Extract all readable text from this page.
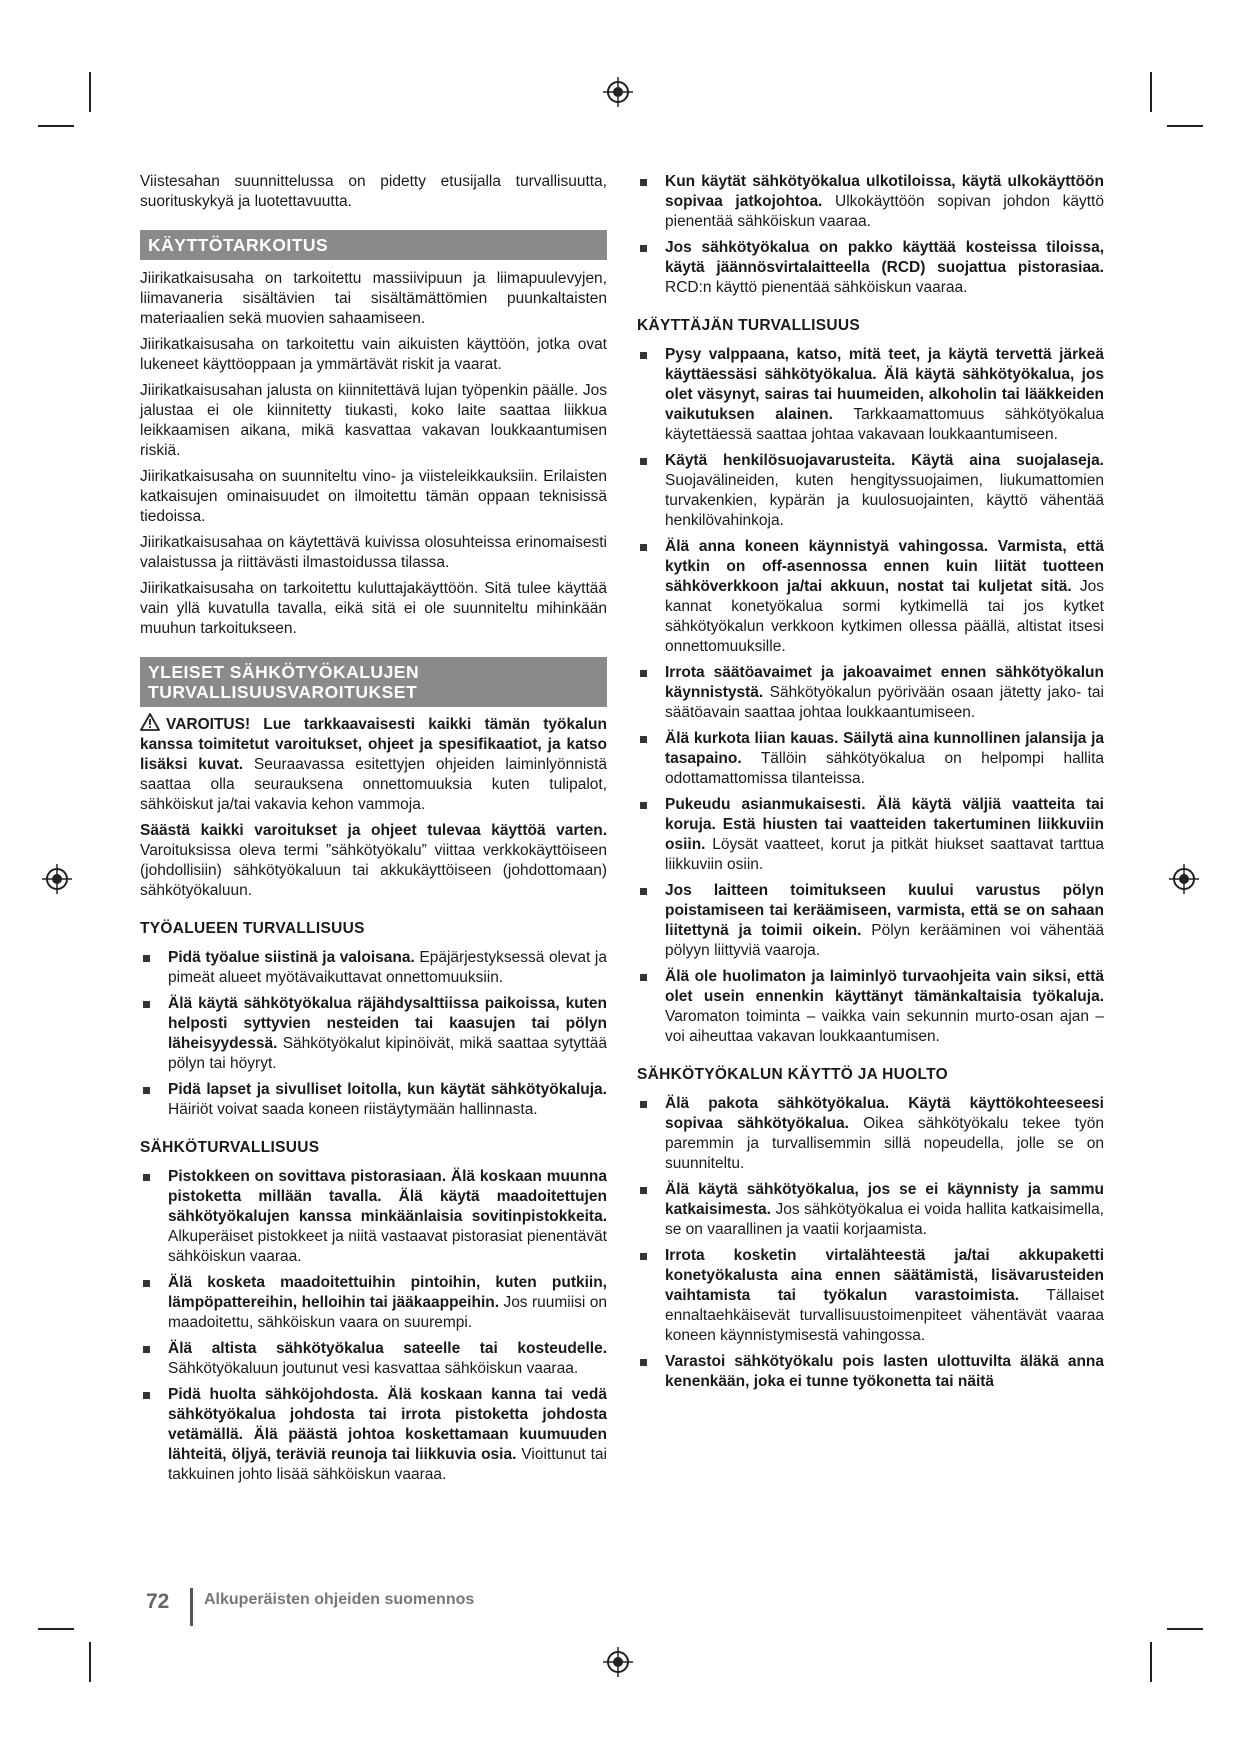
Viistesahan suunnittelussa on pidetty etusijalla turvallisuutta, suorituskykyä ja luotettavuutta.

KÄYTTÖTARKOITUS

Jiirikatkaisusaha on tarkoitettu massiivipuun ja liimapuulevyjen, liimavaneria sisältävien tai sisältämättömien puunkaltaisten materiaalien sekä muovien sahaamiseen.

Jiirikatkaisusaha on tarkoitettu vain aikuisten käyttöön, jotka ovat lukeneet käyttöoppaan ja ymmärtävät riskit ja vaarat.

Jiirikatkaisusahan jalusta on kiinnitettävä lujan työpenkin päälle. Jos jalustaa ei ole kiinnitetty tiukasti, koko laite saattaa liikkua leikkaamisen aikana, mikä kasvattaa vakavan loukkaantumisen riskiä.

Jiirikatkaisusaha on suunniteltu vino- ja viisteleikkauksiin. Erilaisten katkaisujen ominaisuudet on ilmoitettu tämän oppaan teknisissä tiedoissa.

Jiirikatkaisusahaa on käytettävä kuivissa olosuhteissa erinomaisesti valaistussa ja riittävästi ilmastoidussa tilassa.

Jiirikatkaisusaha on tarkoitettu kuluttajakäyttöön. Sitä tulee käyttää vain yllä kuvatulla tavalla, eikä sitä ei ole suunniteltu mihinkään muuhun tarkoitukseen.

YLEISET SÄHKÖTYÖKALUJEN
TURVALLISUUSVAROITUKSET

VAROITUS! Lue tarkkaavaisesti kaikki tämän työkalun kanssa toimitetut varoitukset, ohjeet ja spesifikaatiot, ja katso lisäksi kuvat. Seuraavassa esitettyjen ohjeiden laiminlyönnistä saattaa olla seurauksena onnettomuuksia kuten tulipalot, sähköiskut ja/tai vakavia kehon vammoja.

Säästä kaikki varoitukset ja ohjeet tulevaa käyttöä varten. Varoituksissa oleva termi ”sähkötyökalu” viittaa verkkokäyttöiseen (johdollisiin) sähkötyökaluun tai akkukäyttöiseen (johdottomaan) sähkötyökaluun.

TYÖALUEEN TURVALLISUUS
Pidä työalue siistinä ja valoisana. Epäjärjestyksessä olevat ja pimeät alueet myötävaikuttavat onnettomuuksiin.
Älä käytä sähkötyökalua räjähdysalttiissa paikoissa, kuten helposti syttyvien nesteiden tai kaasujen tai pölyn läheisyydessä. Sähkötyökalut kipinöivät, mikä saattaa sytyttää pölyn tai höyryt.
Pidä lapset ja sivulliset loitolla, kun käytät sähkötyökaluja. Häiriöt voivat saada koneen riistäytymään hallinnasta.
SÄHKÖTURVALLISUUS
Pistokkeen on sovittava pistorasiaan. Älä koskaan muunna pistoketta millään tavalla. Älä käytä maadoitettujen sähkötyökalujen kanssa minkäänlaisia sovitinpistokkeita. Alkuperäiset pistokkeet ja niitä vastaavat pistorasiat pienentävät sähköiskun vaaraa.
Älä kosketa maadoitettuihin pintoihin, kuten putkiin, lämpöpattereihin, helloihin tai jääkaappeihin. Jos ruumiisi on maadoitettu, sähköiskun vaara on suurempi.
Älä altista sähkötyökalua sateelle tai kosteudelle. Sähkötyökaluun joutunut vesi kasvattaa sähköiskun vaaraa.
Pidä huolta sähköjohdosta. Älä koskaan kanna tai vedä sähkötyökalua johdosta tai irrota pistoketta johdosta vetämällä. Älä päästä johtoa koskettamaan kuumuuden lähteitä, öljyä, teräviä reunoja tai liikkuvia osia. Vioittunut tai takkuinen johto lisää sähköiskun vaaraa.
Kun käytät sähkötyökalua ulkotiloissa, käytä ulkokäyttöön sopivaa jatkojohtoa. Ulkokäyttöön sopivan johdon käyttö pienentää sähköiskun vaaraa.
Jos sähkötyökalua on pakko käyttää kosteissa tiloissa, käytä jäännösvirtalaitteella (RCD) suojattua pistorasiaa. RCD:n käyttö pienentää sähköiskun vaaraa.
KÄYTTÄJÄN TURVALLISUUS
Pysy valppaana, katso, mitä teet, ja käytä tervettä järkeä käyttäessäsi sähkötyökalua. Älä käytä sähkötyökalua, jos olet väsynyt, sairas tai huumeiden, alkoholin tai lääkkeiden vaikutuksen alainen. Tarkkaamattomuus sähkötyökalua käytettäessä saattaa johtaa vakavaan loukkaantumiseen.
Käytä henkilösuojavarusteita. Käytä aina suojalaseja. Suojavälineiden, kuten hengityssuojaimen, liukumattomien turvakenkien, kypärän ja kuulosuojainten, käyttö vähentää henkilövahinkoja.
Älä anna koneen käynnistyä vahingossa. Varmista, että kytkin on off-asennossa ennen kuin liität tuotteen sähköverkkoon ja/tai akkuun, nostat tai kuljetat sitä. Jos kannat konetyökalua sormi kytkimellä tai jos kytket sähkötyökalun verkkoon kytkimen ollessa päällä, altistat itsesi onnettomuuksille.
Irrota säätöavaimet ja jakoavaimet ennen sähkötyökalun käynnistystä. Sähkötyökalun pyörivään osaan jätetty jako- tai säätöavain saattaa johtaa loukkaantumiseen.
Älä kurkota liian kauas. Säilytä aina kunnollinen jalansija ja tasapaino. Tällöin sähkötyökalua on helpompi hallita odottamattomissa tilanteissa.
Pukeudu asianmukaisesti. Älä käytä väljiä vaatteita tai koruja. Estä hiusten tai vaatteiden takertuminen liikkuviin osiin. Löysät vaatteet, korut ja pitkät hiukset saattavat tarttua liikkuviin osiin.
Jos laitteen toimitukseen kuului varustus pölyn poistamiseen tai keräämiseen, varmista, että se on sahaan liitettynä ja toimii oikein. Pölyn kerääminen voi vähentää pölyyn liittyviä vaaroja.
Älä ole huolimaton ja laiminlyö turvaohjeita vain siksi, että olet usein ennenkin käyttänyt tämänkaltaisia työkaluja. Varomaton toiminta – vaikka vain sekunnin murto-osan ajan – voi aiheuttaa vakavan loukkaantumisen.
SÄHKÖTYÖKALUN KÄYTTÖ JA HUOLTO
Älä pakota sähkötyökalua. Käytä käyttökohteeseesi sopivaa sähkötyökalua. Oikea sähkötyökalu tekee työn paremmin ja turvallisemmin sillä nopeudella, jolle se on suunniteltu.
Älä käytä sähkötyökalua, jos se ei käynnisty ja sammu katkaisimesta. Jos sähkötyökalua ei voida hallita katkaisimella, se on vaarallinen ja vaatii korjaamista.
Irrota kosketin virtalähteestä ja/tai akkupaketti konetyökalusta aina ennen säätämistä, lisävarusteiden vaihtamista tai työkalun varastoimista. Tällaiset ennaltaehkäisevät turvallisuustoimenpiteet vähentävät vaaraa koneen käynnistymisestä vahingossa.
Varastoi sähkötyökalu pois lasten ulottuvilta äläkä anna kenenkään, joka ei tunne työkonetta tai näitä
72 Alkuperäisten ohjeiden suomennos
